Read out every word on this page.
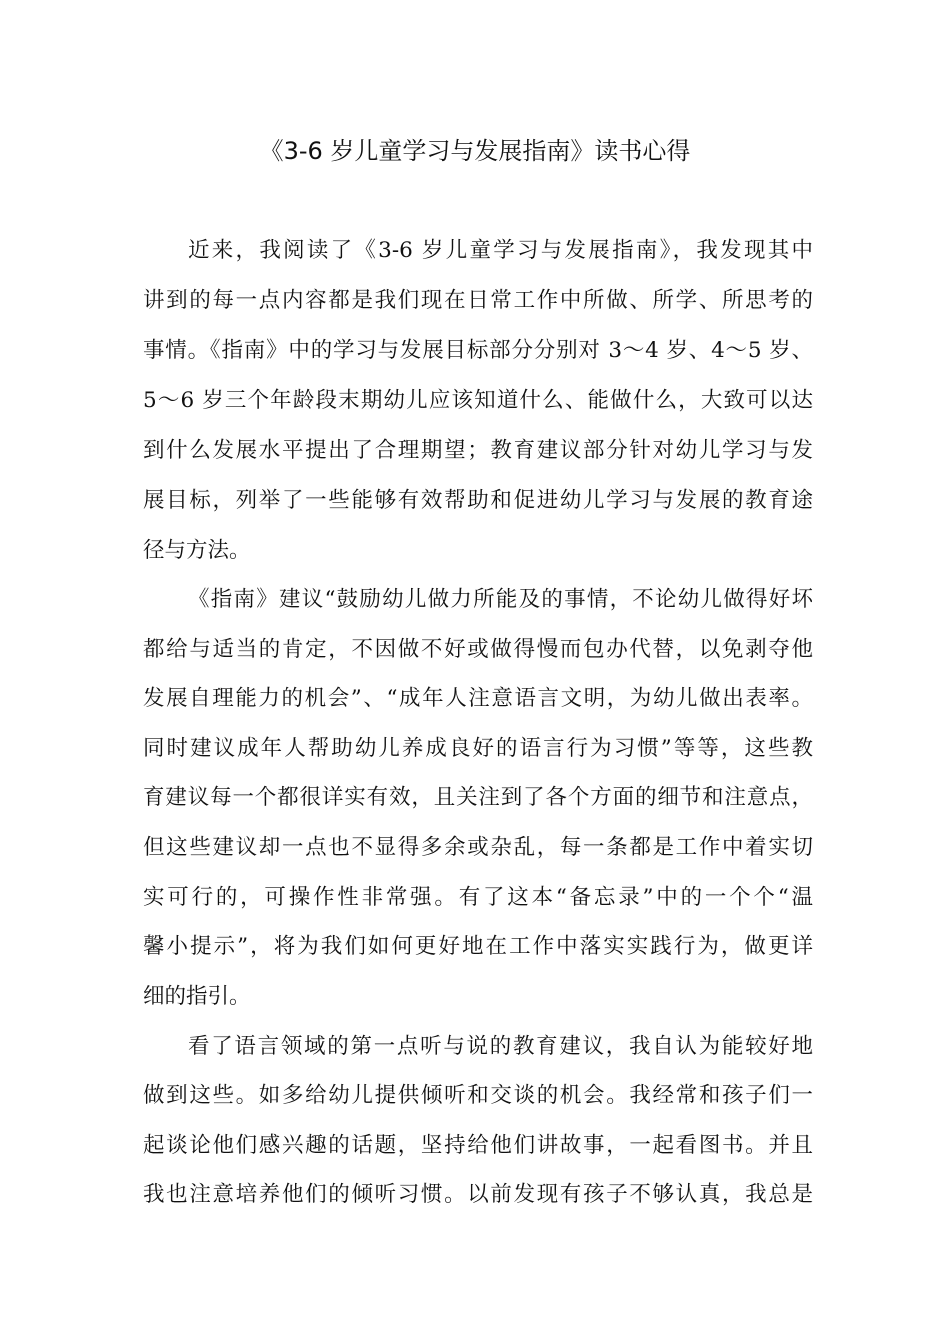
《3-6 岁儿童学习与发展指南》读书心得
近来，我阅读了《3-6 岁儿童学习与发展指南》，我发现其中
讲到的每一点内容都是我们现在日常工作中所做、所学、所思考的
事情。《指南》中的学习与发展目标部分分别对 3～4 岁、4～5 岁、
5～6 岁三个年龄段末期幼儿应该知道什么、能做什么，大致可以达
到什么发展水平提出了合理期望；教育建议部分针对幼儿学习与发
展目标，列举了一些能够有效帮助和促进幼儿学习与发展的教育途
径与方法。
《指南》建议“鼓励幼儿做力所能及的事情，不论幼儿做得好坏
都给与适当的肯定，不因做不好或做得慢而包办代替，以免剥夺他
发展自理能力的机会”、“成年人注意语言文明，为幼儿做出表率。
同时建议成年人帮助幼儿养成良好的语言行为习惯”等等，这些教
育建议每一个都很详实有效，且关注到了各个方面的细节和注意点，
但这些建议却一点也不显得多余或杂乱，每一条都是工作中着实切
实可行的，可操作性非常强。有了这本“备忘录”中的一个个“温
馨小提示”，将为我们如何更好地在工作中落实实践行为，做更详
细的指引。
看了语言领域的第一点听与说的教育建议，我自认为能较好地
做到这些。如多给幼儿提供倾听和交谈的机会。我经常和孩子们一
起谈论他们感兴趣的话题，坚持给他们讲故事，一起看图书。并且
我也注意培养他们的倾听习惯。以前发现有孩子不够认真，我总是
